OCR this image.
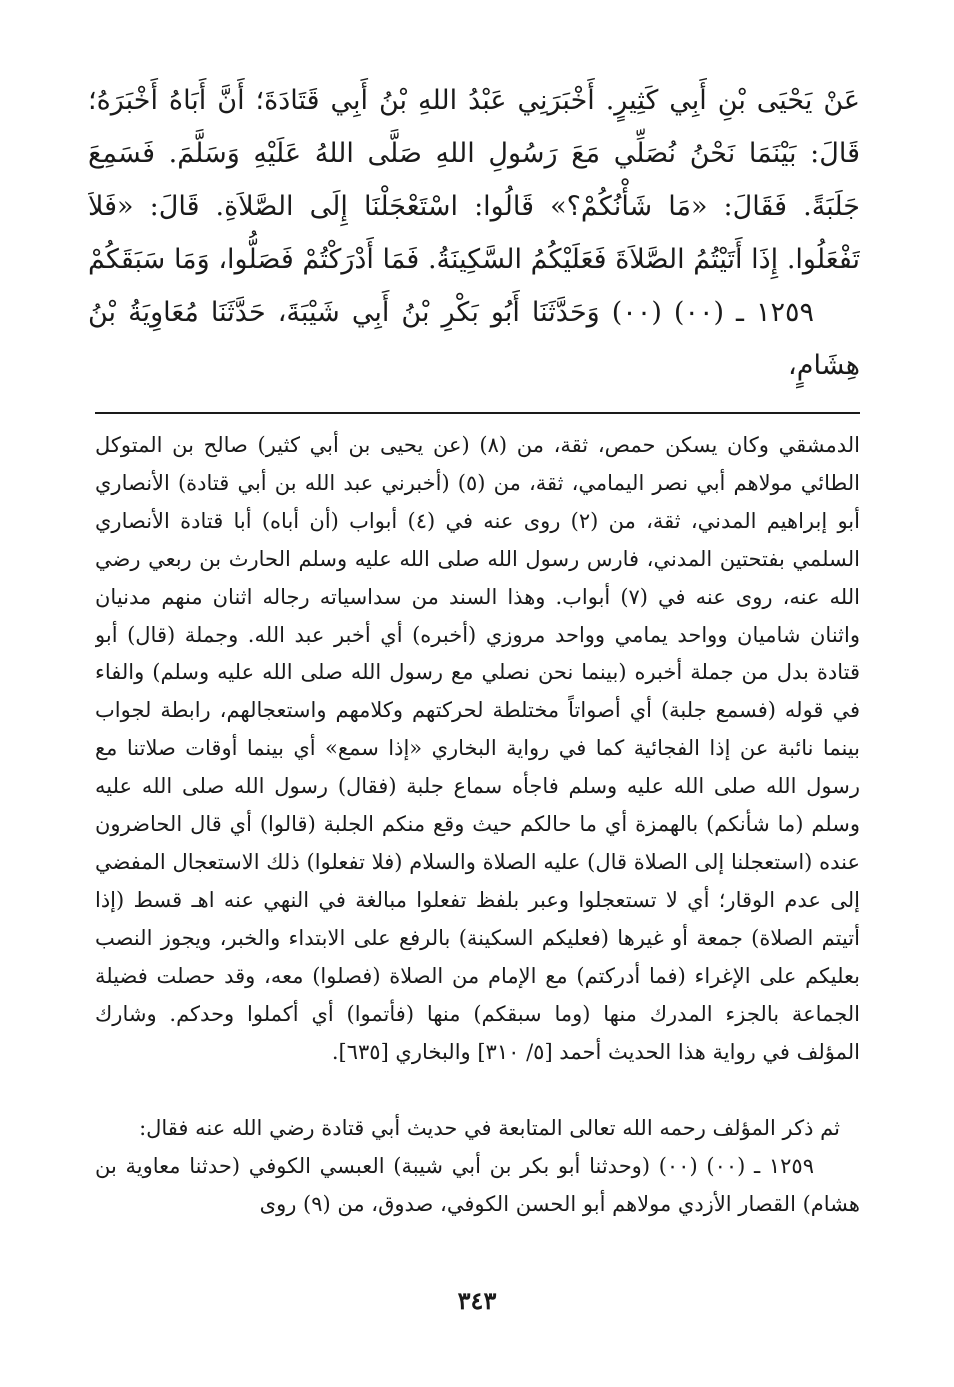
عَنْ يَحْيَى بْنِ أَبِي كَثِيرٍ. أَخْبَرَنِي عَبْدُ اللهِ بْنُ أَبِي قَتَادَةَ؛ أَنَّ أَبَاهُ أَخْبَرَهُ؛ قَالَ: بَيْنَمَا نَحْنُ نُصَلِّي مَعَ رَسُولِ اللهِ صَلَّى اللهُ عَلَيْهِ وَسَلَّمَ. فَسَمِعَ جَلَبَةً. فَقَالَ: «مَا شَأْنُكُمْ؟» قَالُوا: اسْتَعْجَلْنَا إِلَى الصَّلاَةِ. قَالَ: «فَلاَ تَفْعَلُوا. إِذَا أَتَيْتُمُ الصَّلاَةَ فَعَلَيْكُمُ السَّكِينَةُ. فَمَا أَدْرَكْتُمْ فَصَلُّوا، وَمَا سَبَقَكُمْ

١٢٥٩ ـ (٠٠) (٠٠) وَحَدَّثَنَا أَبُو بَكْرِ بْنُ أَبِي شَيْبَةَ، حَدَّثَنَا مُعَاوِيَةُ بْنُ هِشَامٍ،

الدمشقي وكان يسكن حمص، ثقة، من (٨) (عن يحيى بن أبي كثير) صالح بن المتوكل الطائي مولاهم أبي نصر اليمامي، ثقة، من (٥) (أخبرني عبد الله بن أبي قتادة) الأنصاري أبو إبراهيم المدني، ثقة، من (٢) روى عنه في (٤) أبواب (أن أباه) أبا قتادة الأنصاري السلمي بفتحتين المدني، فارس رسول الله صلى الله عليه وسلم الحارث بن ربعي رضي الله عنه، روى عنه في (٧) أبواب. وهذا السند من سداسياته رجاله اثنان منهم مدنيان واثنان شاميان وواحد يمامي وواحد مروزي (أخبره) أي أخبر عبد الله. وجملة (قال) أبو قتادة بدل من جملة أخبره (بينما نحن نصلي مع رسول الله صلى الله عليه وسلم) والفاء في قوله (فسمع جلبة) أي أصواتاً مختلطة لحركتهم وكلامهم واستعجالهم، رابطة لجواب بينما نائبة عن إذا الفجائية كما في رواية البخاري «إذا سمع» أي بينما أوقات صلاتنا مع رسول الله صلى الله عليه وسلم فاجأه سماع جلبة (فقال) رسول الله صلى الله عليه وسلم (ما شأنكم) بالهمزة أي ما حالكم حيث وقع منكم الجلبة (قالوا) أي قال الحاضرون عنده (استعجلنا إلى الصلاة قال) عليه الصلاة والسلام (فلا تفعلوا) ذلك الاستعجال المفضي إلى عدم الوقار؛ أي لا تستعجلوا وعبر بلفظ تفعلوا مبالغة في النهي عنه اهـ قسط (إذا أتيتم الصلاة) جمعة أو غيرها (فعليكم السكينة) بالرفع على الابتداء والخبر، ويجوز النصب بعليكم على الإغراء (فما أدركتم) مع الإمام من الصلاة (فصلوا) معه، وقد حصلت فضيلة الجماعة بالجزء المدرك منها (وما سبقكم) منها (فأتموا) أي أكملوا وحدكم. وشارك المؤلف في رواية هذا الحديث أحمد [٥/ ٣١٠] والبخاري [٦٣٥].

ثم ذكر المؤلف رحمه الله تعالى المتابعة في حديث أبي قتادة رضي الله عنه فقال:

١٢٥٩ ـ (٠٠) (٠٠) (وحدثنا أبو بكر بن أبي شيبة) العبسي الكوفي (حدثنا معاوية بن هشام) القصار الأزدي مولاهم أبو الحسن الكوفي، صدوق، من (٩) روى

٣٤٣
